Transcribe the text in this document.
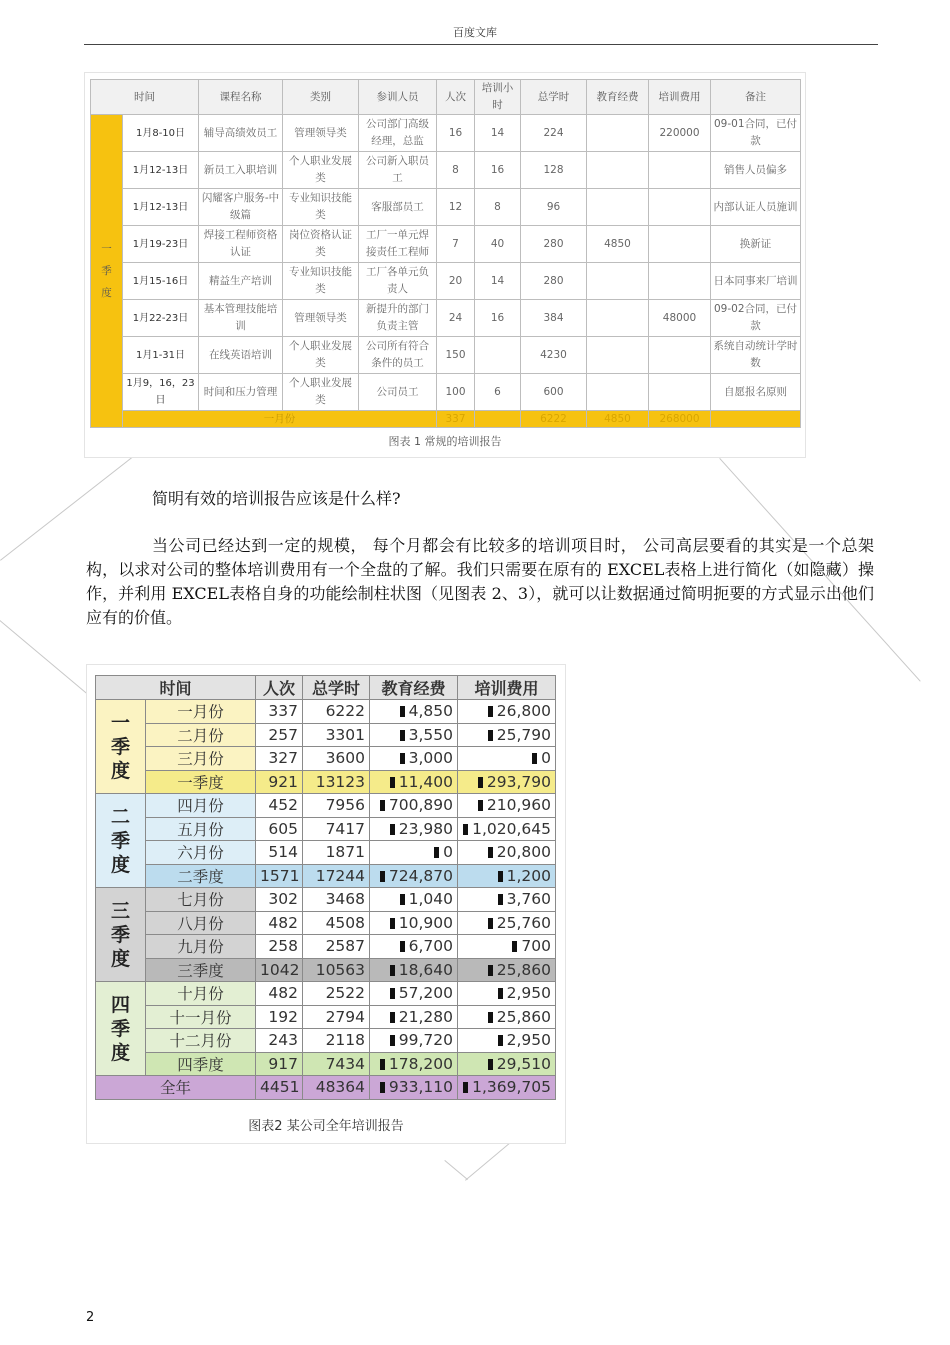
百度文库
时间		课程名称	类别	参训人员	人次	培训小时	总学时	教育经费	培训费用	备注
一
季
度	1月8-10日	辅导高绩效员工	管理领导类	公司部门高级经理，总监	16	14	224		220000	09-01合同，已付款
	1月12-13日	新员工入职培训	个人职业发展类	公司新入职员工	8	16	128			销售人员偏多
	1月12-13日	闪耀客户服务-中级篇	专业知识技能类	客服部员工	12	8	96			内部认证人员施训
	1月19-23日	焊接工程师资格认证	岗位资格认证类	工厂一单元焊接责任工程师	7	40	280	4850		换新证
	1月15-16日	精益生产培训	专业知识技能类	工厂各单元负责人	20	14	280			日本同事来厂培训
	1月22-23日	基本管理技能培训	管理领导类	新提升的部门负责主管	24	16	384		48000	09-02合同，已付款
	1月1-31日	在线英语培训	个人职业发展类	公司所有符合条件的员工	150		4230			系统自动统计学时数
	1月9，16，23日	时间和压力管理	个人职业发展类	公司员工	100	6	600			自愿报名原则
	一月份				337		6222	4850	268000	
图表 1 常规的培训报告
简明有效的培训报告应该是什么样?
当公司已经达到一定的规模， 每个月都会有比较多的培训项目时， 公司高层要看的其实是一个总架构，以求对公司的整体培训费用有一个全盘的了解。我们只需要在原有的 EXCEL表格上进行简化（如隐藏）操作，并利用 EXCEL表格自身的功能绘制柱状图（见图表 2、3），就可以让数据通过简明扼要的方式显示出他们应有的价值。
时间		人次	总学时	教育经费	培训费用
一
季
度	一月份	337	6222	4,850	26,800
	二月份	257	3301	3,550	25,790
	三月份	327	3600	3,000	0
	一季度	921	13123	11,400	293,790
二
季
度	四月份	452	7956	700,890	210,960
	五月份	605	7417	23,980	1,020,645
	六月份	514	1871	0	20,800
	二季度	1571	17244	724,870	1,200
三
季
度	七月份	302	3468	1,040	3,760
	八月份	482	4508	10,900	25,760
	九月份	258	2587	6,700	700
	三季度	1042	10563	18,640	25,860
四
季
度	十月份	482	2522	57,200	2,950
	十一月份	192	2794	21,280	25,860
	十二月份	243	2118	99,720	2,950
	四季度	917	7434	178,200	29,510
全年		4451	48364	933,110	1,369,705
图表2 某公司全年培训报告
2
